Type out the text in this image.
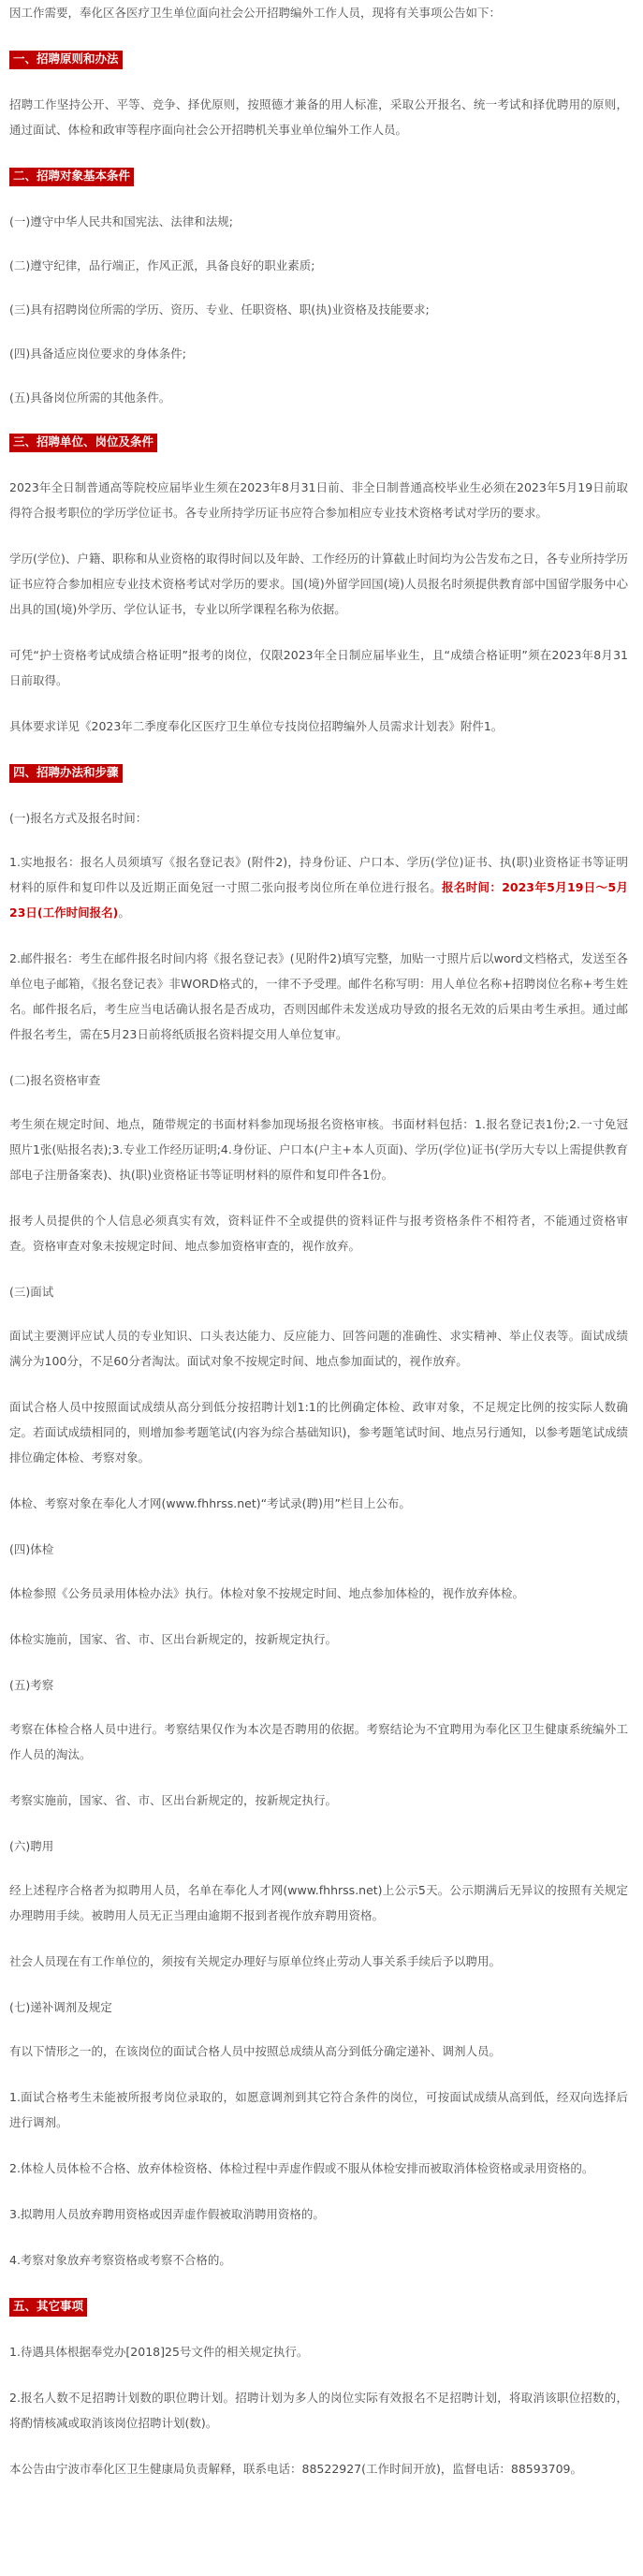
因工作需要，奉化区各医疗卫生单位面向社会公开招聘编外工作人员，现将有关事项公告如下：

一、招聘原则和办法

招聘工作坚持公开、平等、竞争、择优原则，按照德才兼备的用人标准，采取公开报名、统一考试和择优聘用的原则，通过面试、体检和政审等程序面向社会公开招聘机关事业单位编外工作人员。

二、招聘对象基本条件

(一)遵守中华人民共和国宪法、法律和法规;

(二)遵守纪律，品行端正，作风正派，具备良好的职业素质;

(三)具有招聘岗位所需的学历、资历、专业、任职资格、职(执)业资格及技能要求;

(四)具备适应岗位要求的身体条件;

(五)具备岗位所需的其他条件。

三、招聘单位、岗位及条件

2023年全日制普通高等院校应届毕业生须在2023年8月31日前、非全日制普通高校毕业生必须在2023年5月19日前取得符合报考职位的学历学位证书。各专业所持学历证书应符合参加相应专业技术资格考试对学历的要求。

学历(学位)、户籍、职称和从业资格的取得时间以及年龄、工作经历的计算截止时间均为公告发布之日，各专业所持学历证书应符合参加相应专业技术资格考试对学历的要求。国(境)外留学回国(境)人员报名时须提供教育部中国留学服务中心出具的国(境)外学历、学位认证书，专业以所学课程名称为依据。

可凭“护士资格考试成绩合格证明”报考的岗位，仅限2023年全日制应届毕业生，且“成绩合格证明”须在2023年8月31日前取得。

具体要求详见《2023年二季度奉化区医疗卫生单位专技岗位招聘编外人员需求计划表》附件1。

四、招聘办法和步骤

(一)报名方式及报名时间：

1.实地报名：报名人员须填写《报名登记表》(附件2)，持身份证、户口本、学历(学位)证书、执(职)业资格证书等证明材料的原件和复印件以及近期正面免冠一寸照二张向报考岗位所在单位进行报名。报名时间：2023年5月19日～5月23日(工作时间报名)。

2.邮件报名：考生在邮件报名时间内将《报名登记表》(见附件2)填写完整，加贴一寸照片后以word文档格式，发送至各单位电子邮箱，《报名登记表》非WORD格式的，一律不予受理。邮件名称写明：用人单位名称+招聘岗位名称+考生姓名。邮件报名后，考生应当电话确认报名是否成功，否则因邮件未发送成功导致的报名无效的后果由考生承担。通过邮件报名考生，需在5月23日前将纸质报名资料提交用人单位复审。

(二)报名资格审查

考生须在规定时间、地点，随带规定的书面材料参加现场报名资格审核。书面材料包括：1.报名登记表1份;2.一寸免冠照片1张(贴报名表);3.专业工作经历证明;4.身份证、户口本(户主+本人页面)、学历(学位)证书(学历大专以上需提供教育部电子注册备案表)、执(职)业资格证书等证明材料的原件和复印件各1份。

报考人员提供的个人信息必须真实有效，资料证件不全或提供的资料证件与报考资格条件不相符者，不能通过资格审查。资格审查对象未按规定时间、地点参加资格审查的，视作放弃。

(三)面试

面试主要测评应试人员的专业知识、口头表达能力、反应能力、回答问题的准确性、求实精神、举止仪表等。面试成绩满分为100分，不足60分者淘汰。面试对象不按规定时间、地点参加面试的，视作放弃。

面试合格人员中按照面试成绩从高分到低分按招聘计划1:1的比例确定体检、政审对象，不足规定比例的按实际人数确定。若面试成绩相同的，则增加参考题笔试(内容为综合基础知识)，参考题笔试时间、地点另行通知，以参考题笔试成绩排位确定体检、考察对象。

体检、考察对象在奉化人才网(www.fhhrss.net)“考试录(聘)用”栏目上公布。

(四)体检

体检参照《公务员录用体检办法》执行。体检对象不按规定时间、地点参加体检的，视作放弃体检。

体检实施前，国家、省、市、区出台新规定的，按新规定执行。

(五)考察

考察在体检合格人员中进行。考察结果仅作为本次是否聘用的依据。考察结论为不宜聘用为奉化区卫生健康系统编外工作人员的淘汰。

考察实施前，国家、省、市、区出台新规定的，按新规定执行。

(六)聘用

经上述程序合格者为拟聘用人员，名单在奉化人才网(www.fhhrss.net)上公示5天。公示期满后无异议的按照有关规定办理聘用手续。被聘用人员无正当理由逾期不报到者视作放弃聘用资格。

社会人员现在有工作单位的，须按有关规定办理好与原单位终止劳动人事关系手续后予以聘用。

(七)递补调剂及规定

有以下情形之一的，在该岗位的面试合格人员中按照总成绩从高分到低分确定递补、调剂人员。

1.面试合格考生未能被所报考岗位录取的，如愿意调剂到其它符合条件的岗位，可按面试成绩从高到低，经双向选择后进行调剂。

2.体检人员体检不合格、放弃体检资格、体检过程中弄虚作假或不服从体检安排而被取消体检资格或录用资格的。

3.拟聘用人员放弃聘用资格或因弄虚作假被取消聘用资格的。

4.考察对象放弃考察资格或考察不合格的。

五、其它事项

1.待遇具体根据奉党办[2018]25号文件的相关规定执行。

2.报名人数不足招聘计划数的职位聘计划。招聘计划为多人的岗位实际有效报名不足招聘计划，将取消该职位招数的，将酌情核减或取消该岗位招聘计划(数)。

本公告由宁波市奉化区卫生健康局负责解释，联系电话：88522927(工作时间开放)，监督电话：88593709。
